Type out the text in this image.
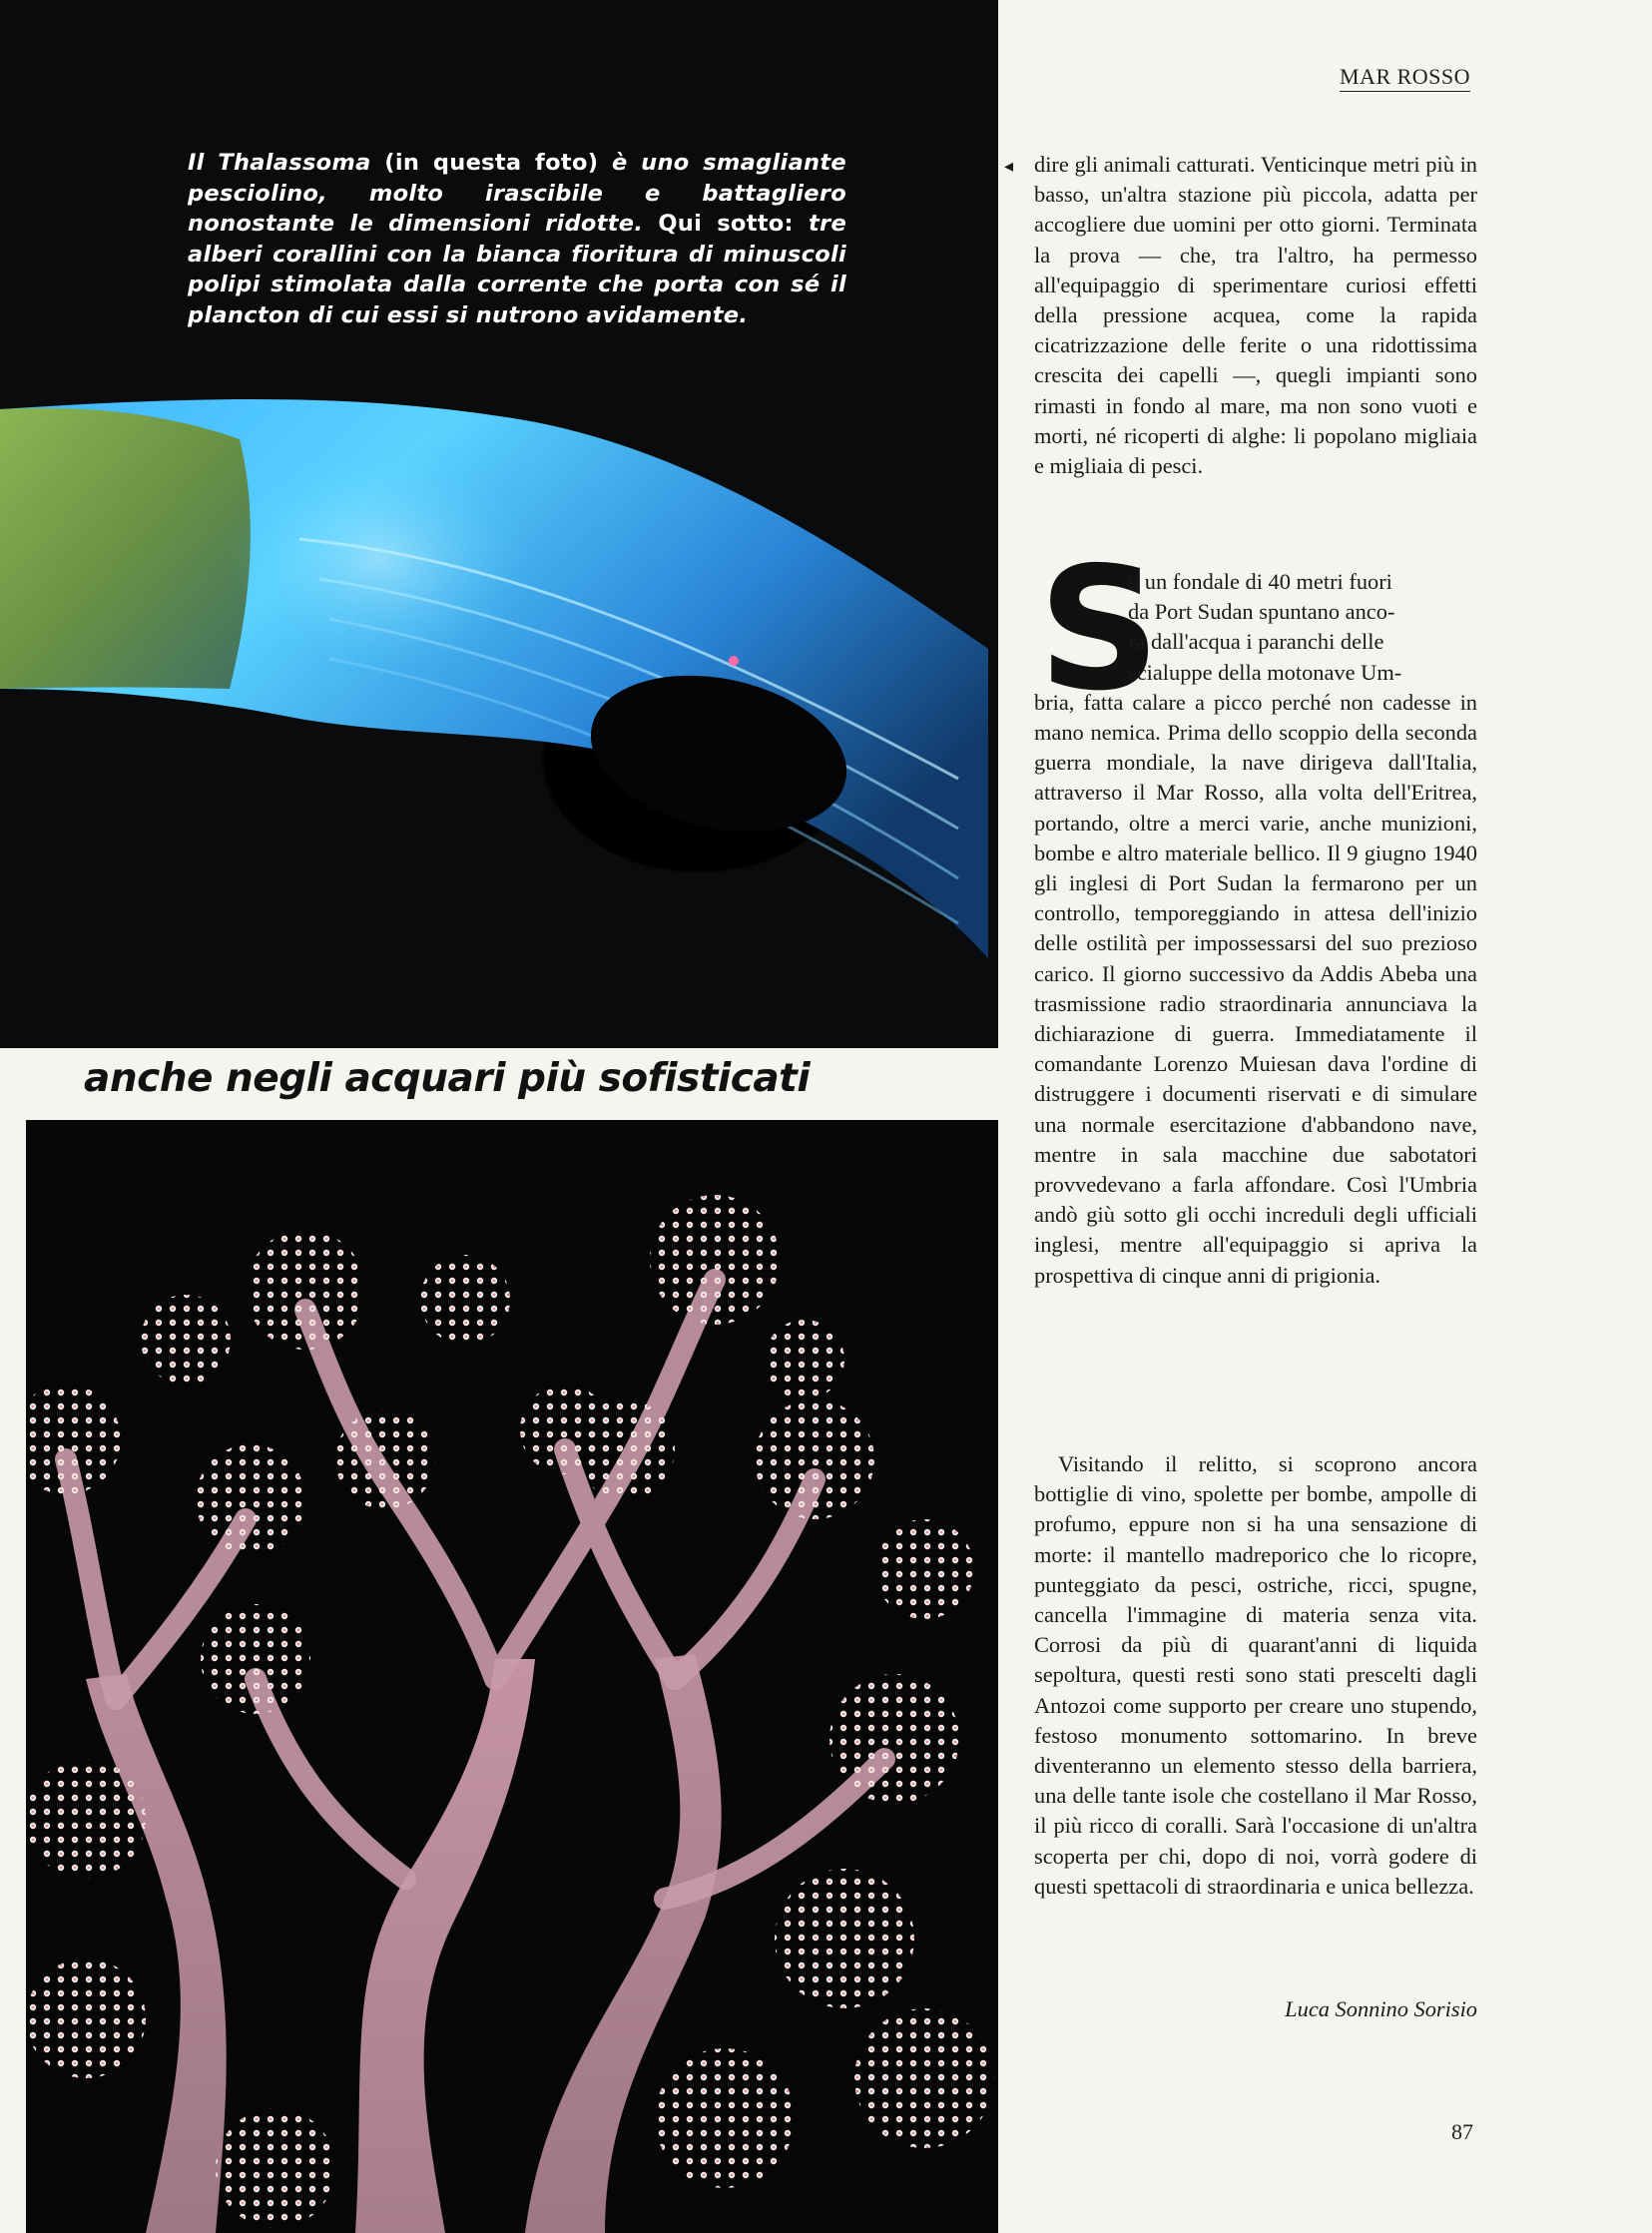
Il Thalassoma (in questa foto) è uno smagliante pesciolino, molto irascibile e battagliero nonostante le dimensioni ridotte. Qui sotto: tre alberi corallini con la bianca fioritura di minuscoli polipi stimolata dalla corrente che porta con sé il plancton di cui essi si nutrono avidamente.
anche negli acquari più sofisticati
MAR ROSSO
◂ dire gli animali catturati. Venticinque metri più in basso, un'altra stazione più piccola, adatta per accogliere due uomini per otto giorni. Terminata la prova — che, tra l'altro, ha permesso all'equipaggio di sperimentare curiosi effetti della pressione acquea, come la rapida cicatrizzazione delle ferite o una ridottissima crescita dei capelli —, quegli impianti sono rimasti in fondo al mare, ma non sono vuoti e morti, né ricoperti di alghe: li popolano migliaia e migliaia di pesci.
S
u un fondale di 40 metri fuori
da Port Sudan spuntano anco-
ra dall'acqua i paranchi delle
scialuppe della motonave Um-
bria, fatta calare a picco perché non cadesse in mano nemica. Prima dello scoppio della seconda guerra mondiale, la nave dirigeva dall'Italia, attraverso il Mar Rosso, alla volta dell'Eritrea, portando, oltre a merci varie, anche munizioni, bombe e altro materiale bellico. Il 9 giugno 1940 gli inglesi di Port Sudan la fermarono per un controllo, temporeggiando in attesa dell'inizio delle ostilità per impossessarsi del suo prezioso carico. Il giorno successivo da Addis Abeba una trasmissione radio straordinaria annunciava la dichiarazione di guerra. Immediatamente il comandante Lorenzo Muiesan dava l'ordine di distruggere i documenti riservati e di simulare una normale esercitazione d'abbandono nave, mentre in sala macchine due sabotatori provvedevano a farla affondare. Così l'Umbria andò giù sotto gli occhi increduli degli ufficiali inglesi, mentre all'equipaggio si apriva la prospettiva di cinque anni di prigionia.
Visitando il relitto, si scoprono ancora bottiglie di vino, spolette per bombe, ampolle di profumo, eppure non si ha una sensazione di morte: il mantello madreporico che lo ricopre, punteggiato da pesci, ostriche, ricci, spugne, cancella l'immagine di materia senza vita. Corrosi da più di quarant'anni di liquida sepoltura, questi resti sono stati prescelti dagli Antozoi come supporto per creare uno stupendo, festoso monumento sottomarino. In breve diventeranno un elemento stesso della barriera, una delle tante isole che costellano il Mar Rosso, il più ricco di coralli. Sarà l'occasione di un'altra scoperta per chi, dopo di noi, vorrà godere di questi spettacoli di straordinaria e unica bellezza.
Luca Sonnino Sorisio
87
